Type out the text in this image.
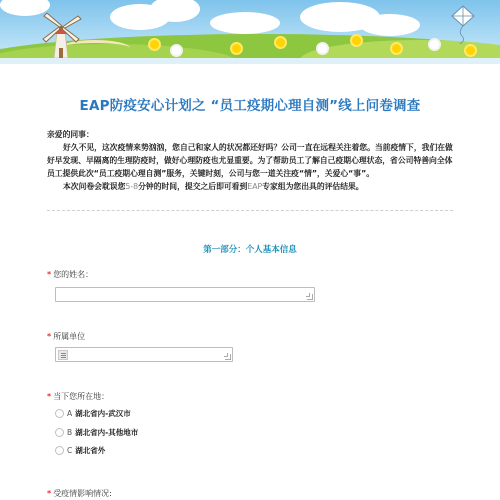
EAP防疫安心计划之 “员工疫期心理自测”线上问卷调查
亲爱的同事：

好久不见，这次疫情来势汹汹，您自己和家人的状况都还好吗？公司一直在远程关注着您。当前疫情下，我们在做好早发现、早隔离的生理防疫时，做好心理防疫也尤显重要。为了帮助员工了解自己疫期心理状态，省公司特善向全体员工提供此次“员工疫期心理自测”服务，关键时刻，公司与您一道关注疫“情”，关爱心“事”。

本次问卷会耽误您5-8分钟的时间，提交之后即可看到EAP专家组为您出具的评估结果。

第一部分：个人基本信息
* 您的姓名：
* 所属单位
* 当下您所在地：
A 湖北省内-武汉市
B 湖北省内-其他地市
C 湖北省外
* 受疫情影响情况:
